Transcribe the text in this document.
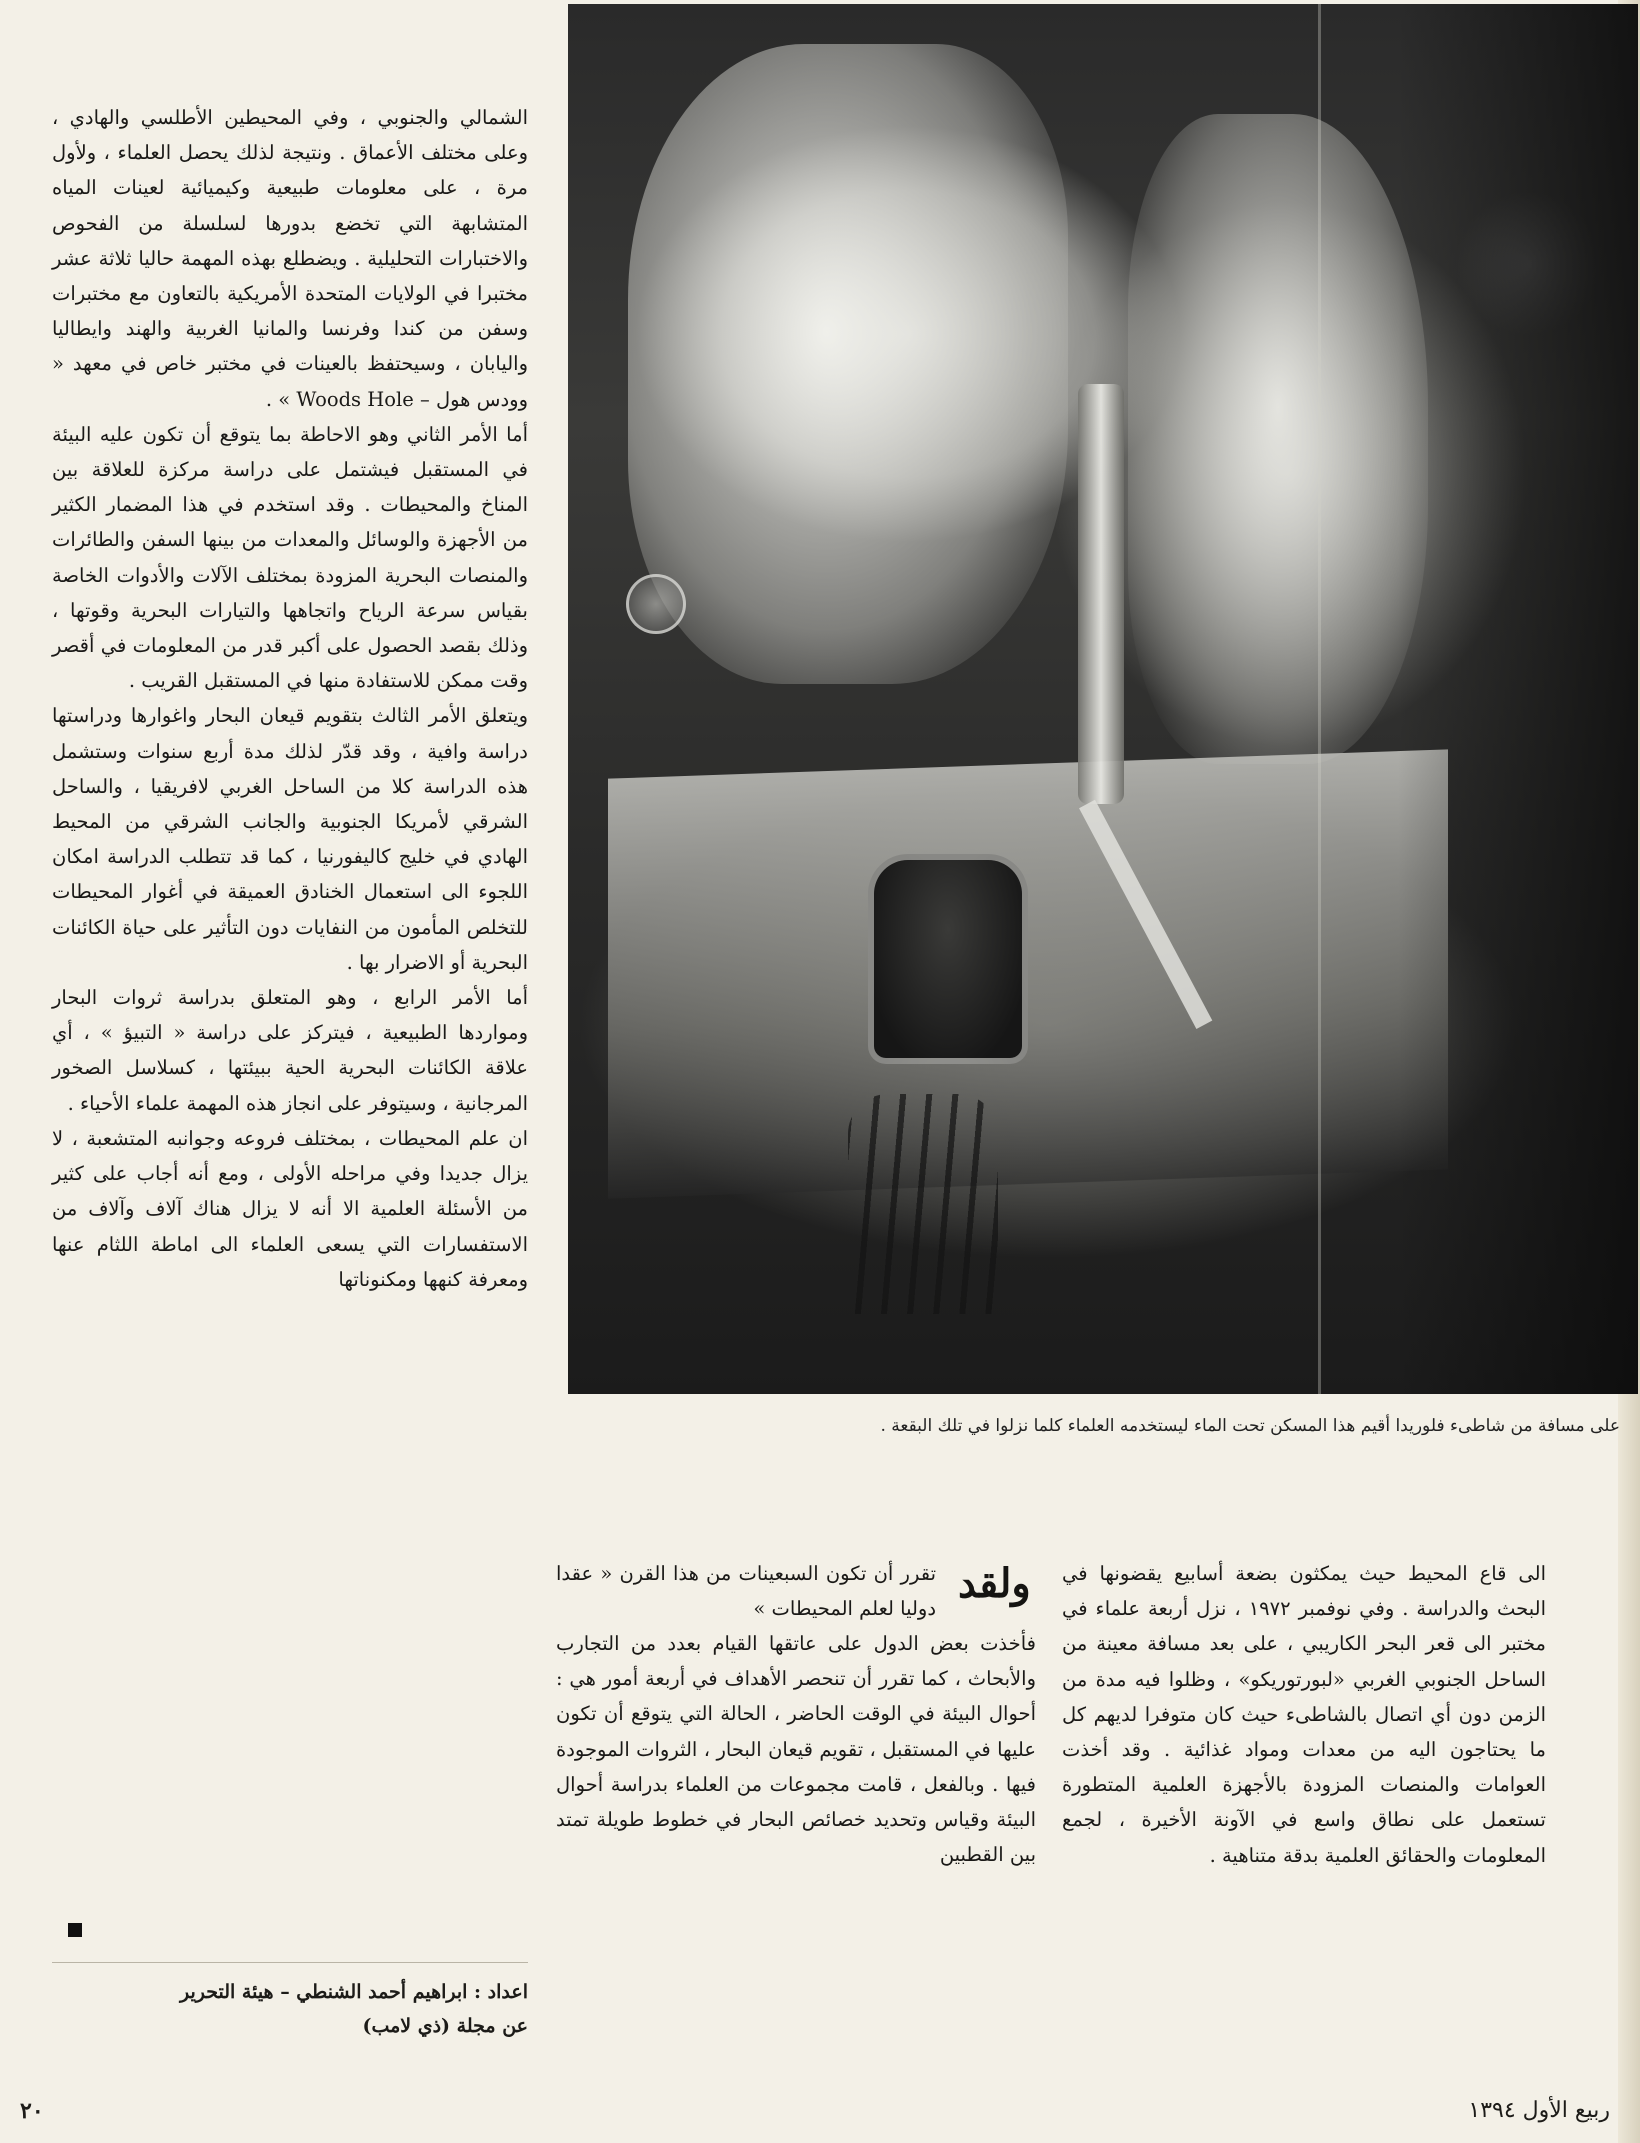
على مسافة من شاطىء فلوريدا أقيم هذا المسكن تحت الماء ليستخدمه العلماء كلما نزلوا في تلك البقعة .

الشمالي والجنوبي ، وفي المحيطين الأطلسي والهادي ، وعلى مختلف الأعماق . ونتيجة لذلك يحصل العلماء ، ولأول مرة ، على معلومات طبيعية وكيميائية لعينات المياه المتشابهة التي تخضع بدورها لسلسلة من الفحوص والاختبارات التحليلية . ويضطلع بهذه المهمة حاليا ثلاثة عشر مختبرا في الولايات المتحدة الأمريكية بالتعاون مع مختبرات وسفن من كندا وفرنسا والمانيا الغربية والهند وايطاليا واليابان ، وسيحتفظ بالعينات في مختبر خاص في معهد « وودس هول – Woods Hole » .

أما الأمر الثاني وهو الاحاطة بما يتوقع أن تكون عليه البيئة في المستقبل فيشتمل على دراسة مركزة للعلاقة بين المناخ والمحيطات . وقد استخدم في هذا المضمار الكثير من الأجهزة والوسائل والمعدات من بينها السفن والطائرات والمنصات البحرية المزودة بمختلف الآلات والأدوات الخاصة بقياس سرعة الرياح واتجاهها والتيارات البحرية وقوتها ، وذلك بقصد الحصول على أكبر قدر من المعلومات في أقصر وقت ممكن للاستفادة منها في المستقبل القريب .

ويتعلق الأمر الثالث بتقويم قيعان البحار واغوارها ودراستها دراسة وافية ، وقد قدّر لذلك مدة أربع سنوات وستشمل هذه الدراسة كلا من الساحل الغربي لافريقيا ، والساحل الشرقي لأمريكا الجنوبية والجانب الشرقي من المحيط الهادي في خليج كاليفورنيا ، كما قد تتطلب الدراسة امكان اللجوء الى استعمال الخنادق العميقة في أغوار المحيطات للتخلص المأمون من النفايات دون التأثير على حياة الكائنات البحرية أو الاضرار بها .

أما الأمر الرابع ، وهو المتعلق بدراسة ثروات البحار ومواردها الطبيعية ، فيتركز على دراسة « التبيؤ » ، أي علاقة الكائنات البحرية الحية ببيئتها ، كسلاسل الصخور المرجانية ، وسيتوفر على انجاز هذه المهمة علماء الأحياء .

ان علم المحيطات ، بمختلف فروعه وجوانبه المتشعبة ، لا يزال جديدا وفي مراحله الأولى ، ومع أنه أجاب على كثير من الأسئلة العلمية الا أنه لا يزال هناك آلاف وآلاف من الاستفسارات التي يسعى العلماء الى اماطة اللثام عنها ومعرفة كنهها ومكنوناتها

اعداد : ابراهيم أحمد الشنطي – هيئة التحرير
عن مجلة (ذي لامب)
ولقد
تقرر أن تكون السبعينات من هذا القرن « عقدا دوليا لعلم المحيطات »
فأخذت بعض الدول على عاتقها القيام بعدد من التجارب والأبحاث ، كما تقرر أن تنحصر الأهداف في أربعة أمور هي : أحوال البيئة في الوقت الحاضر ، الحالة التي يتوقع أن تكون عليها في المستقبل ، تقويم قيعان البحار ، الثروات الموجودة فيها . وبالفعل ، قامت مجموعات من العلماء بدراسة أحوال البيئة وقياس وتحديد خصائص البحار في خطوط طويلة تمتد بين القطبين
الى قاع المحيط حيث يمكثون بضعة أسابيع يقضونها في البحث والدراسة . وفي نوفمبر ١٩٧٢ ، نزل أربعة علماء في مختبر الى قعر البحر الكاريبي ، على بعد مسافة معينة من الساحل الجنوبي الغربي «لبورتوريكو» ، وظلوا فيه مدة من الزمن دون أي اتصال بالشاطىء حيث كان متوفرا لديهم كل ما يحتاجون اليه من معدات ومواد غذائية . وقد أخذت العوامات والمنصات المزودة بالأجهزة العلمية المتطورة تستعمل على نطاق واسع في الآونة الأخيرة ، لجمع المعلومات والحقائق العلمية بدقة متناهية .
ربيع الأول ١٣٩٤
٢٠
